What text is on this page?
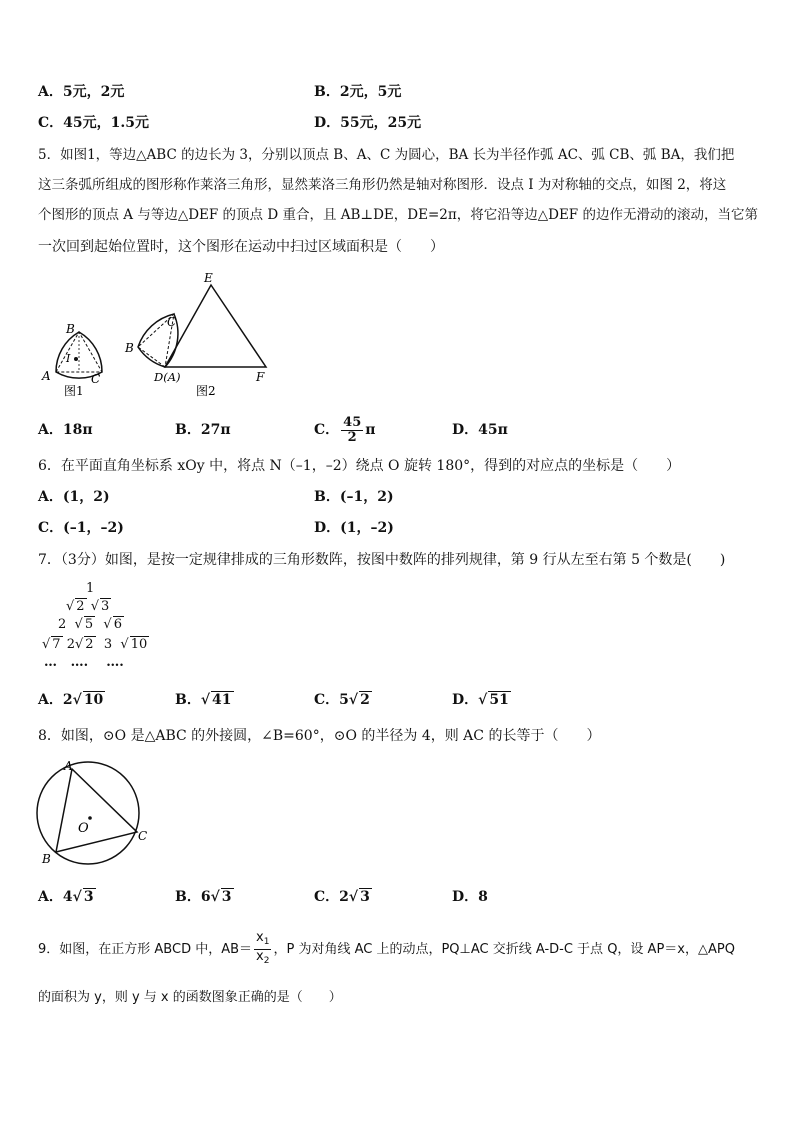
A．5元，2元	B．2元，5元
C．45元，1.5元	D．55元，25元
5．如图1，等边△ABC 的边长为 3，分别以顶点 B、A、C 为圆心，BA 长为半径作弧 AC、弧 CB、弧 BA，我们把
这三条弧所组成的图形称作莱洛三角形，显然莱洛三角形仍然是轴对称图形．设点 I 为对称轴的交点，如图 2，将这
个图形的顶点 A 与等边△DEF 的顶点 D 重合，且 AB⊥DE，DE=2π，将它沿等边△DEF 的边作无滑动的滚动，当它第
一次回到起始位置时，这个图形在运动中扫过区域面积是（　　）
B
I
A	C
图1
E
C
B
D(A)	F
图2
A．18π	B．27π	C． $\frac{45}{2}$ π	D．45π
6．在平面直角坐标系 xOy 中，将点 N（–1，–2）绕点 O 旋转 180°，得到的对应点的坐标是（　　）
A．(1，2)	B．(–1，2)
C．(–1，–2)	D．(1，–2)
7．（3分）如图，是按一定规律排成的三角形数阵，按图中数阵的排列规律，第 9 行从左至右第 5 个数是(　　)
1
√ 2 √ 3
2  √ 5  √ 6
√ 7 2√ 2 3  √ 10
… …. ….
A．2√ 10	B．√ 41	C．5√ 2	D．√ 51
8．如图，⊙O 是△ABC 的外接圆，∠B=60°，⊙O 的半径为 4，则 AC 的长等于（　　）
A
B
C
O
A．4√ 3	B．6√ 3	C．2√ 3	D．8
9．如图，在正方形 ABCD 中，$AB= \frac{x_1}{x_2}$ ，P 为对角线 AC 上的动点，PQ⊥AC 交折线 A-D-C 于点 Q，设 AP＝x，△APQ
的面积为 y，则 y 与 x 的函数图象正确的是（　　）
